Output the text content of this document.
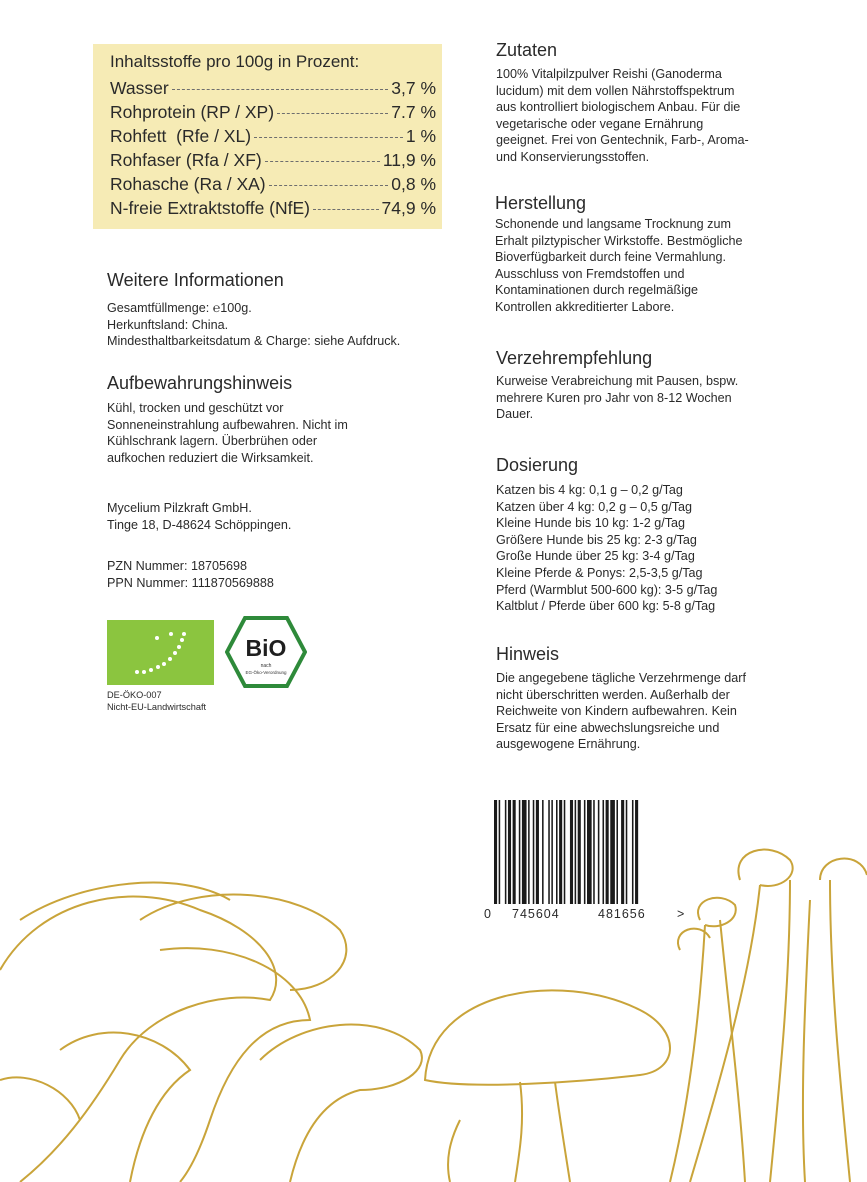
Inhaltsstoffe pro 100g in Prozent:
Wasser	3,7 %
Rohprotein (RP / XP)	7.7 %
Rohfett  (Rfe / XL)	1 %
Rohfaser (Rfa / XF)	11,9 %
Rohasche (Ra / XA)	0,8 %
N-freie Extraktstoffe (NfE)	74,9 %
Weitere Informationen
Gesamtfüllmenge: ℮100g.
Herkunftsland: China.
Mindesthaltbarkeitsdatum & Charge: siehe Aufdruck.
Aufbewahrungshinweis
Kühl, trocken und geschützt vor
Sonneneinstrahlung aufbewahren. Nicht im
Kühlschrank lagern. Überbrühen oder
aufkochen reduziert die Wirksamkeit.
Mycelium Pilzkraft GmbH.
Tinge 18, D-48624 Schöppingen.
PZN Nummer: 18705698
PPN Nummer: 111870569888
DE-ÖKO-007
Nicht-EU-Landwirtschaft
BiO
nach
EG-Öko-Verordnung
Zutaten
100% Vitalpilzpulver Reishi (Ganoderma
lucidum) mit dem vollen Nährstoffspektrum
aus kontrolliert biologischem Anbau. Für die
vegetarische oder vegane Ernährung
geeignet. Frei von Gentechnik, Farb-, Aroma-
und Konservierungsstoffen.
Herstellung
Schonende und langsame Trocknung zum
Erhalt pilztypischer Wirkstoffe. Bestmögliche
Bioverfügbarkeit durch feine Vermahlung.
Ausschluss von Fremdstoffen und
Kontaminationen durch regelmäßige
Kontrollen akkreditierter Labore.
Verzehrempfehlung
Kurweise Verabreichung mit Pausen, bspw.
mehrere Kuren pro Jahr von 8-12 Wochen
Dauer.
Dosierung
Katzen bis 4 kg: 0,1 g – 0,2 g/Tag
Katzen über 4 kg: 0,2 g – 0,5 g/Tag
Kleine Hunde bis 10 kg: 1-2 g/Tag
Größere Hunde bis 25 kg: 2-3 g/Tag
Große Hunde über 25 kg: 3-4 g/Tag
Kleine Pferde & Ponys: 2,5-3,5 g/Tag
Pferd (Warmblut 500-600 kg): 3-5 g/Tag
Kaltblut / Pferde über 600 kg: 5-8 g/Tag
Hinweis
Die angegebene tägliche Verzehrmenge darf
nicht überschritten werden. Außerhalb der
Reichweite von Kindern aufbewahren. Kein
Ersatz für eine abwechslungsreiche und
ausgewogene Ernährung.
0 745604	481656	>
